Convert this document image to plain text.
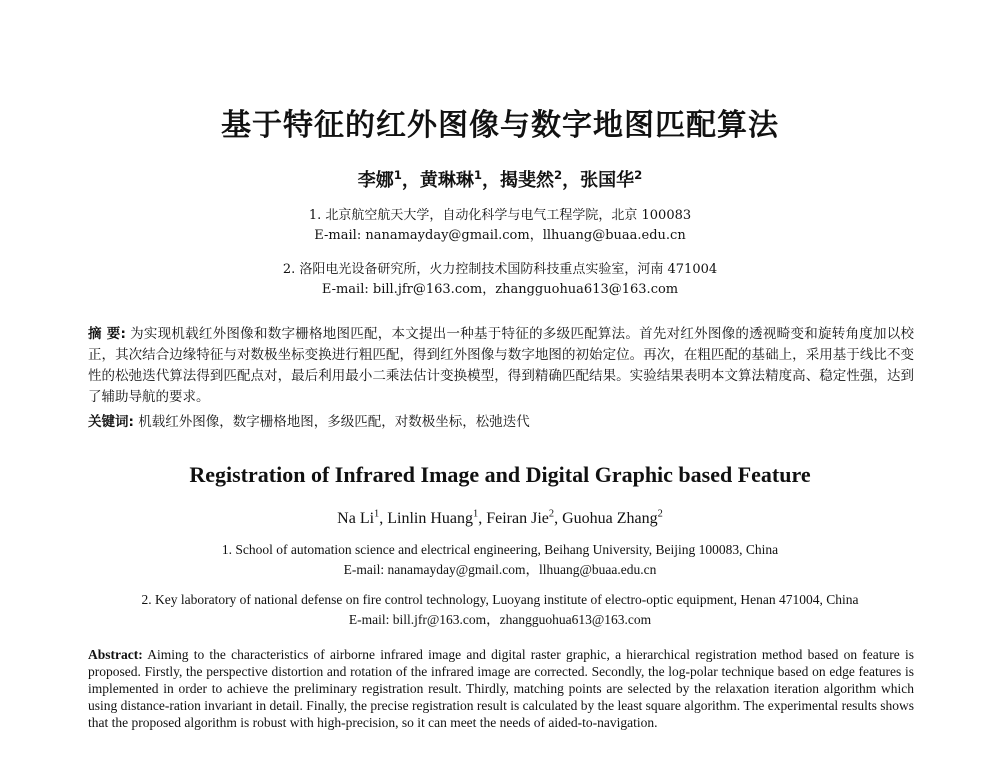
基于特征的红外图像与数字地图匹配算法
李娜$^1$，黄琳琳$^1$，揭斐然$^2$，张国华$^2$
1. 北京航空航天大学，自动化科学与电气工程学院，北京 100083
E-mail: nanamayday@gmail.com，llhuang@buaa.edu.cn
2. 洛阳电光设备研究所，火力控制技术国防科技重点实验室，河南 471004
E-mail: bill.jfr@163.com，zhangguohua613@163.com
摘 要: 为实现机载红外图像和数字栅格地图匹配，本文提出一种基于特征的多级匹配算法。首先对红外图像的透视畸变和旋转角度加以校正，其次结合边缘特征与对数极坐标变换进行粗匹配，得到红外图像与数字地图的初始定位。再次，在粗匹配的基础上，采用基于线比不变性的松弛迭代算法得到匹配点对，最后利用最小二乘法估计变换模型，得到精确匹配结果。实验结果表明本文算法精度高、稳定性强，达到了辅助导航的要求。
关键词: 机载红外图像，数字栅格地图，多级匹配，对数极坐标，松弛迭代
Registration of Infrared Image and Digital Graphic based Feature
Na Li$^1$, Linlin Huang$^1$, Feiran Jie$^2$, Guohua Zhang$^2$
1. School of automation science and electrical engineering, Beihang University, Beijing 100083, China
E-mail: nanamayday@gmail.com，llhuang@buaa.edu.cn
2. Key laboratory of national defense on fire control technology, Luoyang institute of electro-optic equipment, Henan 471004, China
E-mail: bill.jfr@163.com，zhangguohua613@163.com
Abstract: Aiming to the characteristics of airborne infrared image and digital raster graphic, a hierarchical registration method based on feature is proposed. Firstly, the perspective distortion and rotation of the infrared image are corrected. Secondly, the log-polar technique based on edge features is implemented in order to achieve the preliminary registration result. Thirdly, matching points are selected by the relaxation iteration algorithm which using distance-ration invariant in detail. Finally, the precise registration result is calculated by the least square algorithm. The experimental results shows that the proposed algorithm is robust with high-precision, so it can meet the needs of aided-to-navigation.
